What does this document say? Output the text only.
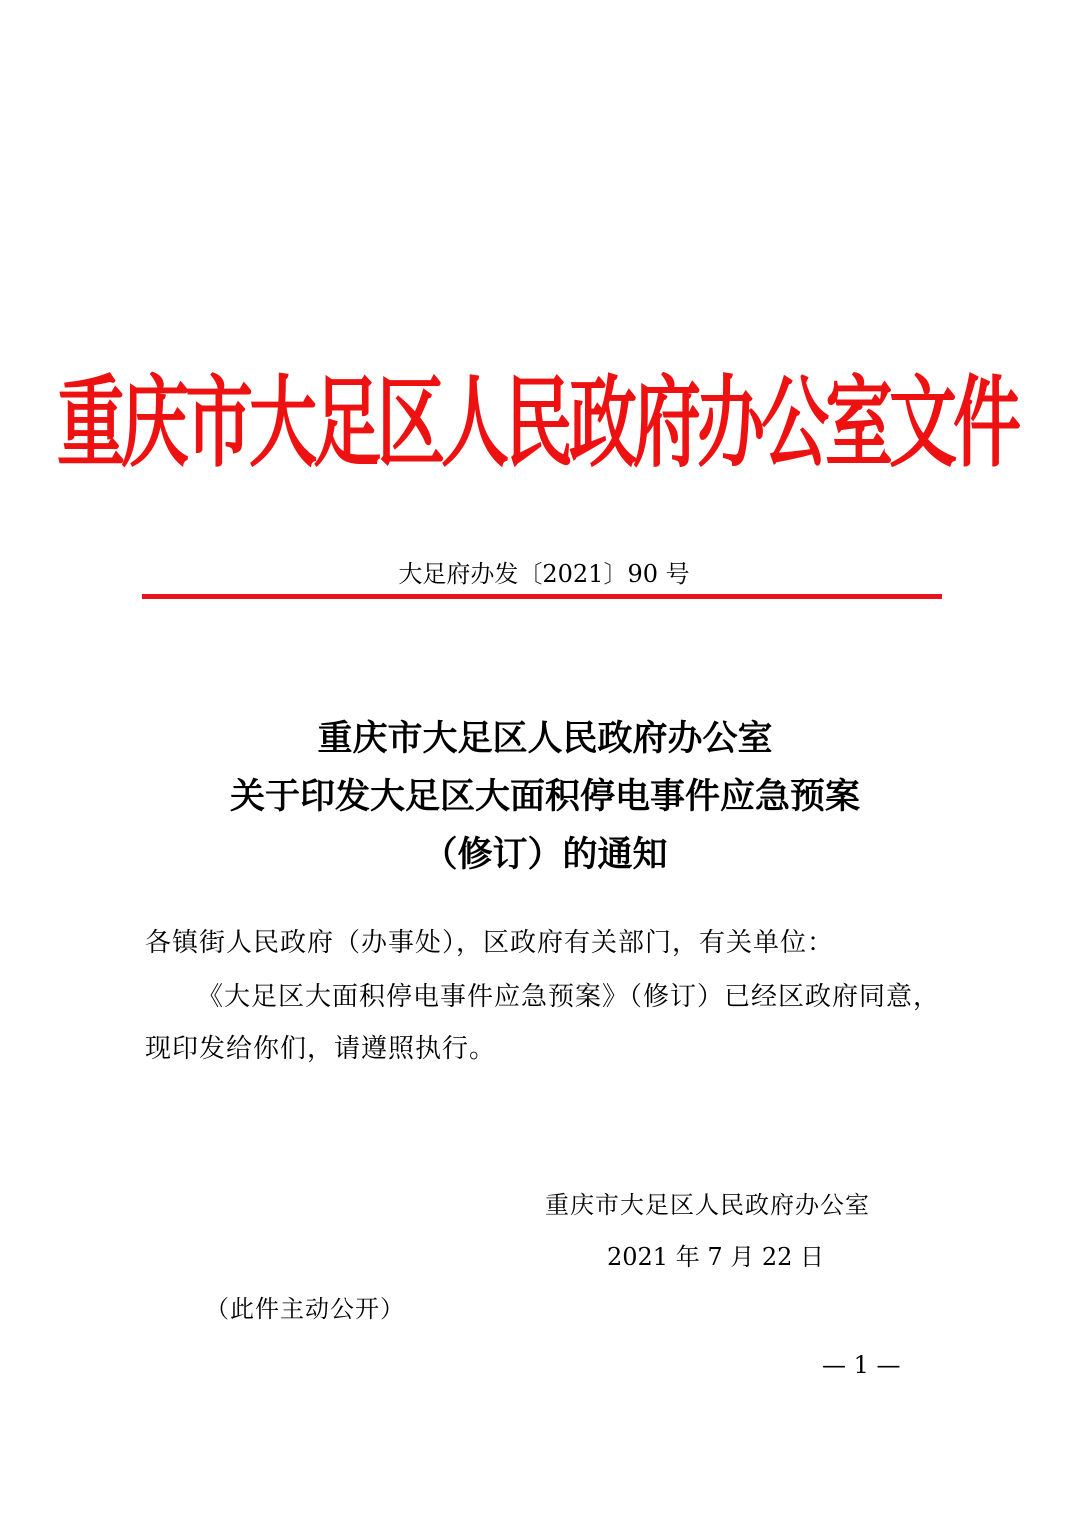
重庆市大足区人民政府办公室文件
大足府办发〔2021〕90 号
重庆市大足区人民政府办公室
关于印发大足区大面积停电事件应急预案
（修订）的通知
各镇街人民政府（办事处），区政府有关部门，有关单位：
《大足区大面积停电事件应急预案》（修订）已经区政府同意，
现印发给你们，请遵照执行。
重庆市大足区人民政府办公室
2021 年 7 月 22 日
（此件主动公开）
— 1 —
